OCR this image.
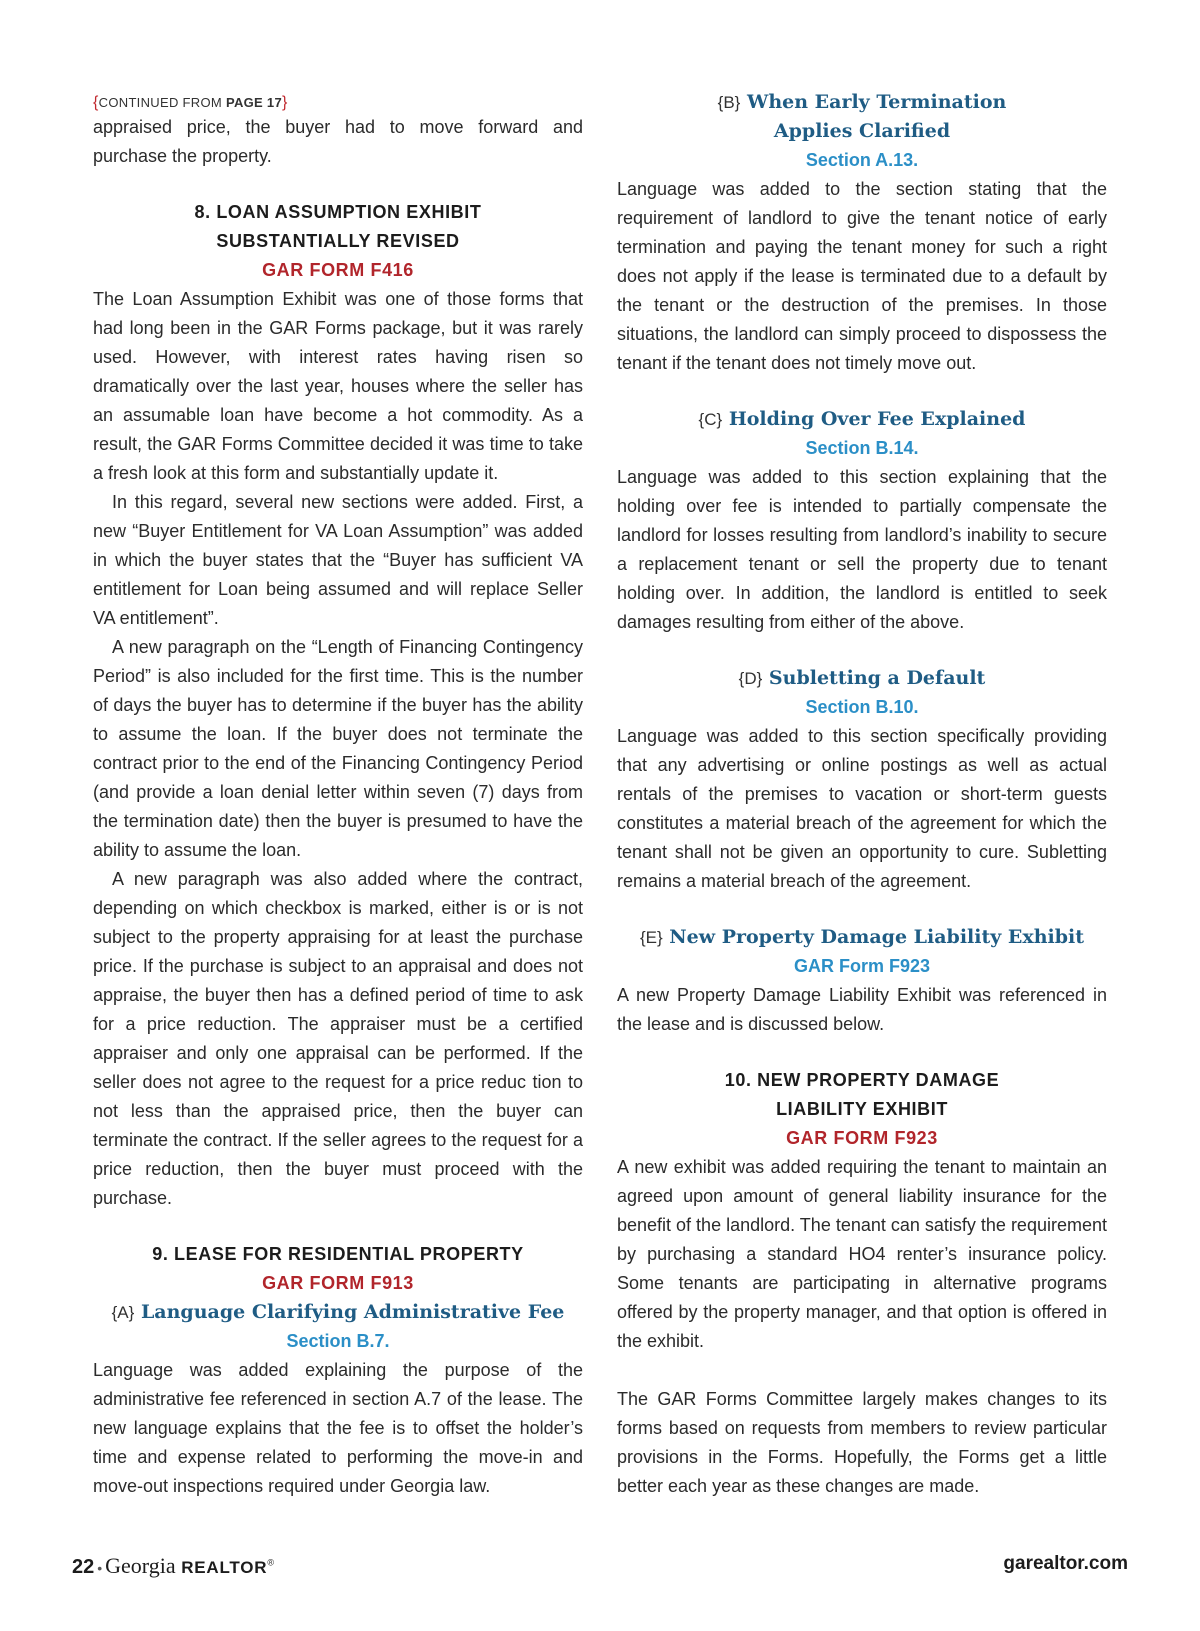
{CONTINUED FROM PAGE 17}

appraised price, the buyer had to move forward and purchase the property.

8. LOAN ASSUMPTION EXHIBIT
SUBSTANTIALLY REVISED
GAR FORM F416

The Loan Assumption Exhibit was one of those forms that had long been in the GAR Forms package, but it was rarely used. However, with interest rates having risen so dramatically over the last year, houses where the seller has an assumable loan have become a hot commodity. As a result, the GAR Forms Committee decided it was time to take a fresh look at this form and substantially update it.

In this regard, several new sections were added. First, a new “Buyer Entitlement for VA Loan Assumption” was added in which the buyer states that the “Buyer has sufficient VA entitlement for Loan being assumed and will replace Seller VA entitlement”.

A new paragraph on the “Length of Financing Contingency Period” is also included for the first time. This is the number of days the buyer has to determine if the buyer has the ability to assume the loan. If the buyer does not terminate the contract prior to the end of the Financing Contingency Period (and provide a loan denial letter within seven (7) days from the termination date) then the buyer is presumed to have the ability to assume the loan.

A new paragraph was also added where the contract, depending on which checkbox is marked, either is or is not subject to the property appraising for at least the purchase price. If the purchase is subject to an appraisal and does not appraise, the buyer then has a defined period of time to ask for a price reduction. The appraiser must be a certified appraiser and only one appraisal can be performed. If the seller does not agree to the request for a price reduc tion to not less than the appraised price, then the buyer can terminate the contract. If the seller agrees to the request for a price reduction, then the buyer must proceed with the purchase.

9. LEASE FOR RESIDENTIAL PROPERTY
GAR FORM F913
{A} Language Clarifying Administrative Fee
Section B.7.

Language was added explaining the purpose of the administrative fee referenced in section A.7 of the lease. The new language explains that the fee is to offset the holder’s time and expense related to performing the move-in and move-out inspections required under Georgia law.

{B} When Early Termination
Applies Clarified
Section A.13.

Language was added to the section stating that the requirement of landlord to give the tenant notice of early termination and paying the tenant money for such a right does not apply if the lease is terminated due to a default by the tenant or the destruction of the premises. In those situations, the landlord can simply proceed to dispossess the tenant if the tenant does not timely move out.

{C} Holding Over Fee Explained
Section B.14.

Language was added to this section explaining that the holding over fee is intended to partially compensate the landlord for losses resulting from landlord’s inability to secure a replacement tenant or sell the property due to tenant holding over. In addition, the landlord is entitled to seek damages resulting from either of the above.

{D} Subletting a Default
Section B.10.

Language was added to this section specifically providing that any advertising or online postings as well as actual rentals of the premises to vacation or short-term guests constitutes a material breach of the agreement for which the tenant shall not be given an opportunity to cure. Subletting remains a material breach of the agreement.

{E} New Property Damage Liability Exhibit
GAR Form F923

A new Property Damage Liability Exhibit was referenced in the lease and is discussed below.

10. NEW PROPERTY DAMAGE
LIABILITY EXHIBIT
GAR FORM F923

A new exhibit was added requiring the tenant to maintain an agreed upon amount of general liability insurance for the benefit of the landlord. The tenant can satisfy the requirement by purchasing a standard HO4 renter’s insurance policy. Some tenants are participating in alternative programs offered by the property manager, and that option is offered in the exhibit.

The GAR Forms Committee largely makes changes to its forms based on requests from members to review particular provisions in the Forms. Hopefully, the Forms get a little better each year as these changes are made.

22 • Georgia REALTOR®	garealtor.com
